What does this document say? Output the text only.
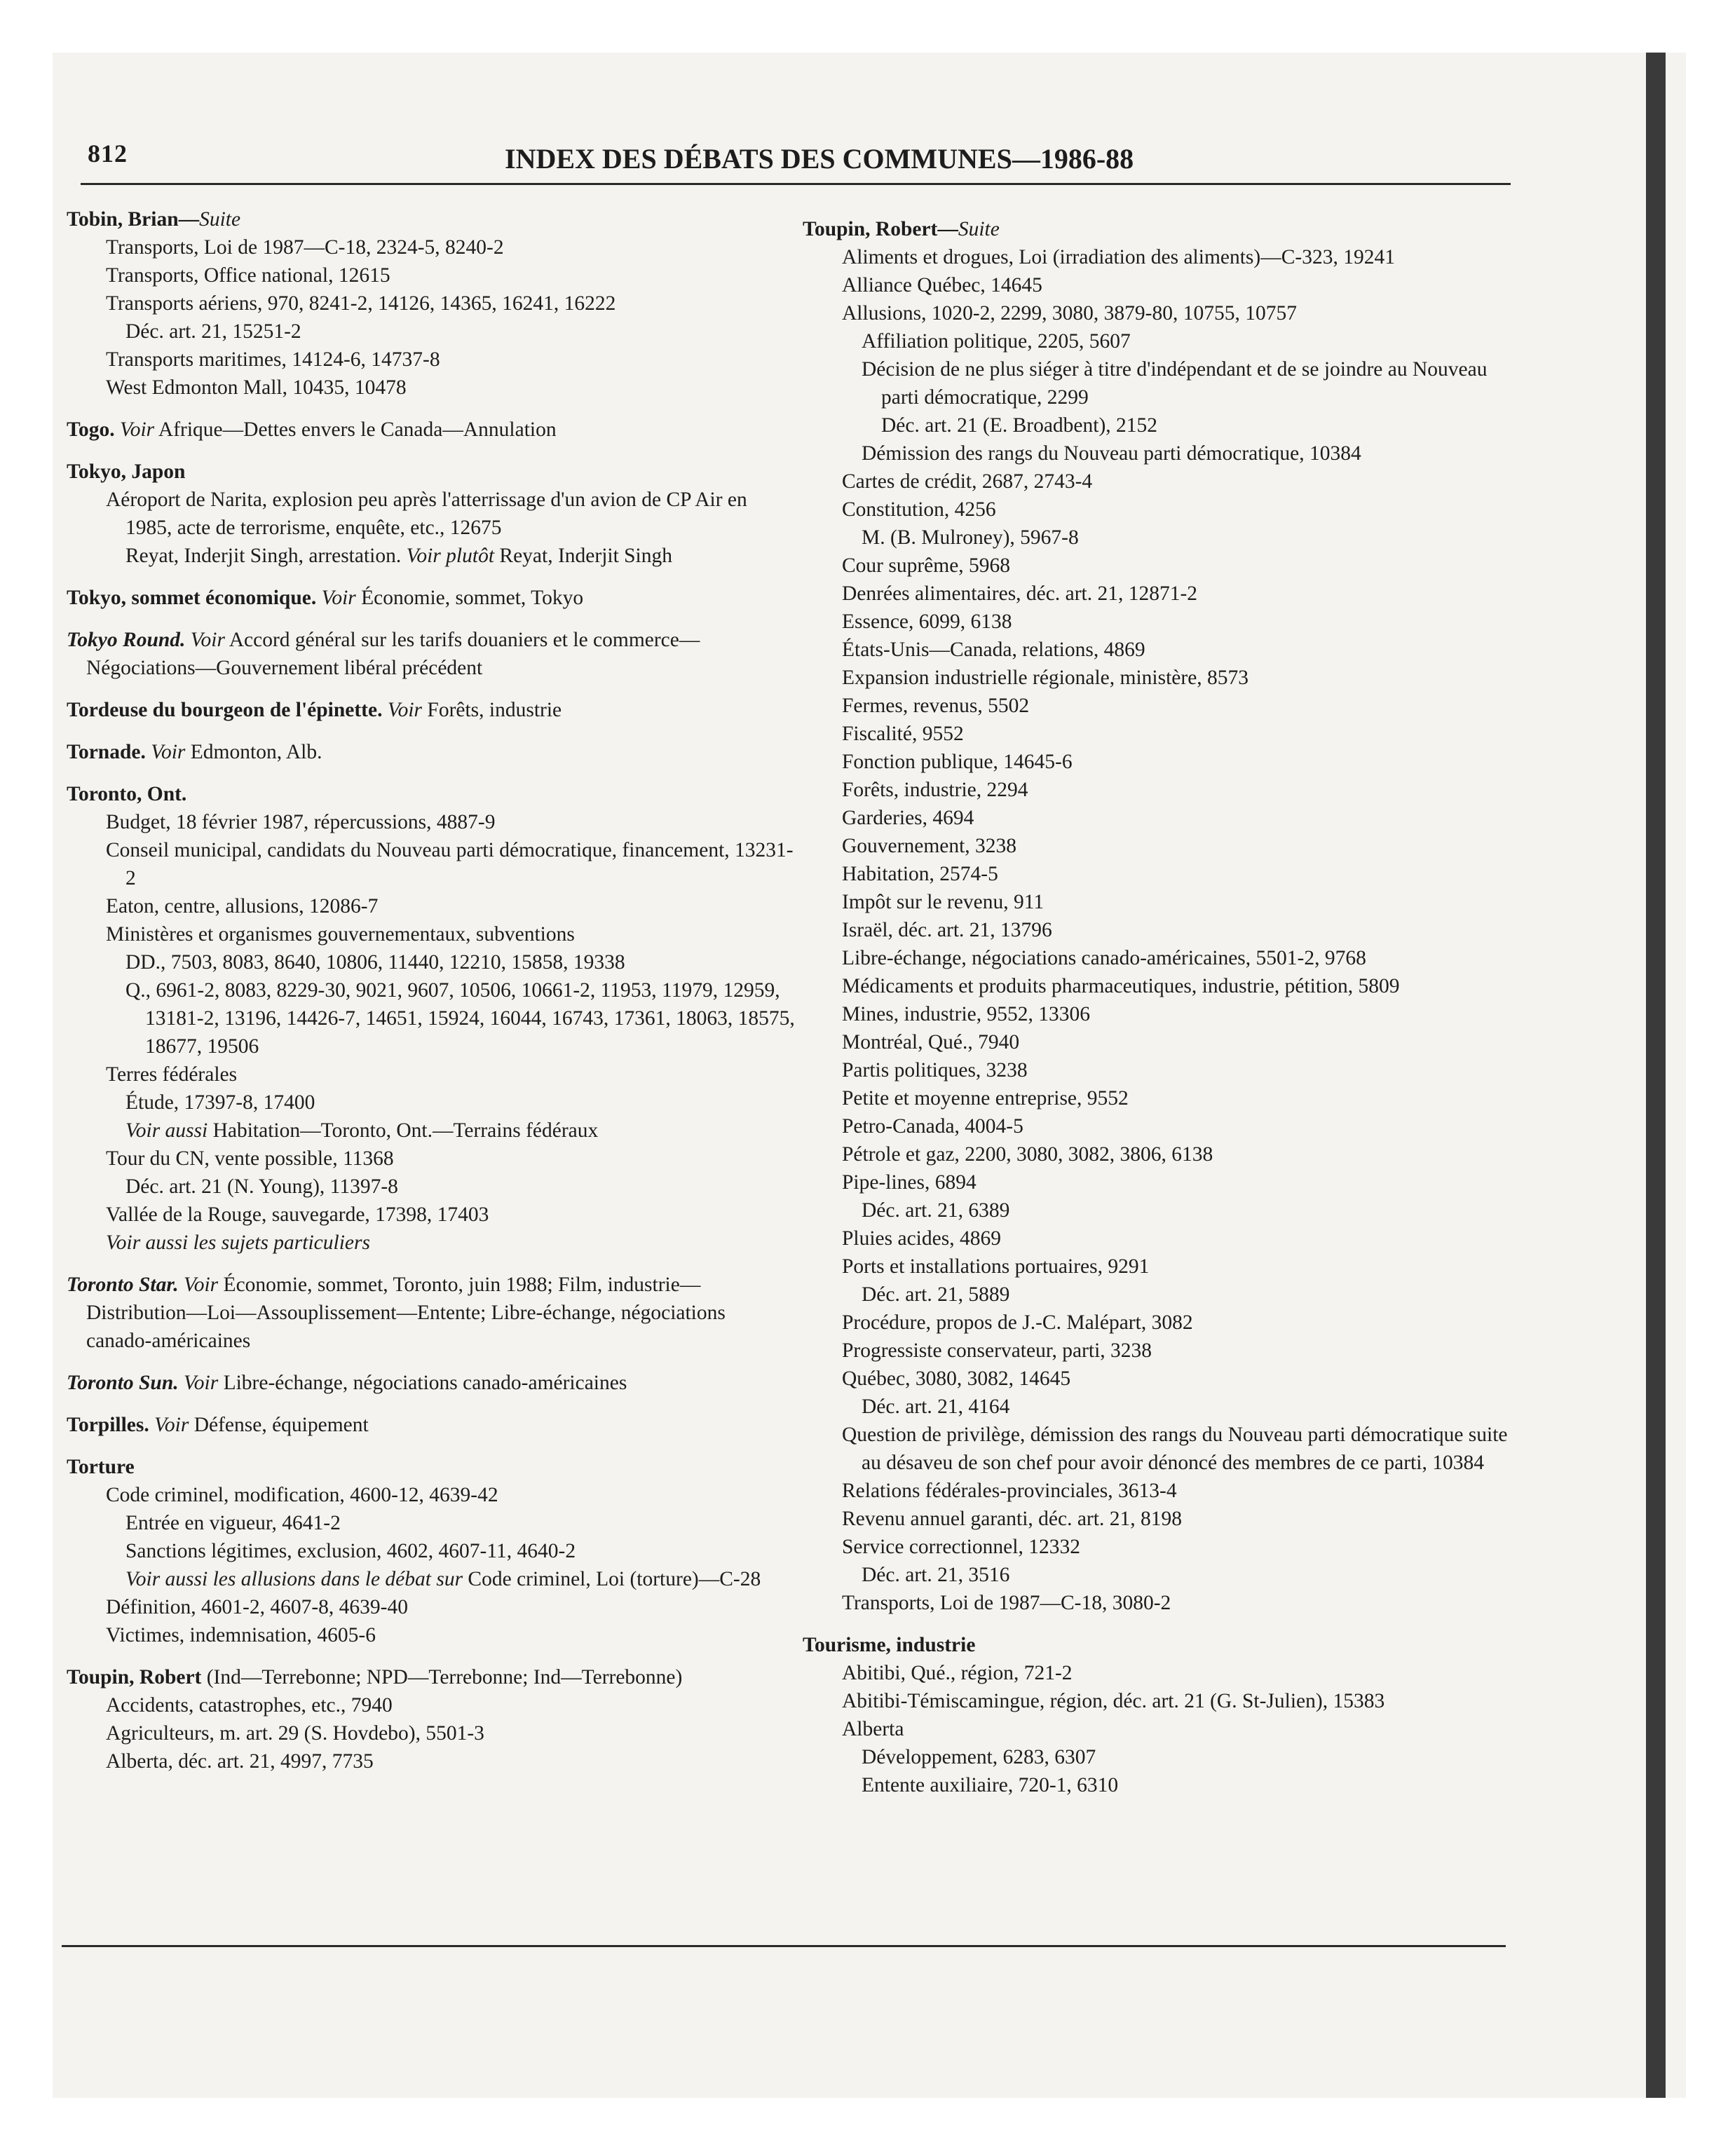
812	INDEX DES DÉBATS DES COMMUNES—1986-88
Tobin, Brian—Suite
Transports, Loi de 1987—C-18, 2324-5, 8240-2
Transports, Office national, 12615
Transports aériens, 970, 8241-2, 14126, 14365, 16241, 16222
Déc. art. 21, 15251-2
Transports maritimes, 14124-6, 14737-8
West Edmonton Mall, 10435, 10478
Togo. Voir Afrique—Dettes envers le Canada—Annulation
Tokyo, Japon
Aéroport de Narita, explosion peu après l'atterrissage d'un avion de CP Air en 1985, acte de terrorisme, enquête, etc., 12675
Reyat, Inderjit Singh, arrestation. Voir plutôt Reyat, Inderjit Singh
Tokyo, sommet économique. Voir Économie, sommet, Tokyo
Tokyo Round. Voir Accord général sur les tarifs douaniers et le commerce—Négociations—Gouvernement libéral précédent
Tordeuse du bourgeon de l'épinette. Voir Forêts, industrie
Tornade. Voir Edmonton, Alb.
Toronto, Ont.
Budget, 18 février 1987, répercussions, 4887-9
Conseil municipal, candidats du Nouveau parti démocratique, financement, 13231-2
Eaton, centre, allusions, 12086-7
Ministères et organismes gouvernementaux, subventions
DD., 7503, 8083, 8640, 10806, 11440, 12210, 15858, 19338
Q., 6961-2, 8083, 8229-30, 9021, 9607, 10506, 10661-2, 11953, 11979, 12959, 13181-2, 13196, 14426-7, 14651, 15924, 16044, 16743, 17361, 18063, 18575, 18677, 19506
Terres fédérales
Étude, 17397-8, 17400
Voir aussi Habitation—Toronto, Ont.—Terrains fédéraux
Tour du CN, vente possible, 11368
Déc. art. 21 (N. Young), 11397-8
Vallée de la Rouge, sauvegarde, 17398, 17403
Voir aussi les sujets particuliers
Toronto Star. Voir Économie, sommet, Toronto, juin 1988; Film, industrie—Distribution—Loi—Assouplissement—Entente; Libre-échange, négociations canado-américaines
Toronto Sun. Voir Libre-échange, négociations canado-américaines
Torpilles. Voir Défense, équipement
Torture
Code criminel, modification, 4600-12, 4639-42
Entrée en vigueur, 4641-2
Sanctions légitimes, exclusion, 4602, 4607-11, 4640-2
Voir aussi les allusions dans le débat sur Code criminel, Loi (torture)—C-28
Définition, 4601-2, 4607-8, 4639-40
Victimes, indemnisation, 4605-6
Toupin, Robert (Ind—Terrebonne; NPD—Terrebonne; Ind—Terrebonne)
Accidents, catastrophes, etc., 7940
Agriculteurs, m. art. 29 (S. Hovdebo), 5501-3
Alberta, déc. art. 21, 4997, 7735
Toupin, Robert—Suite
Aliments et drogues, Loi (irradiation des aliments)—C-323, 19241
Alliance Québec, 14645
Allusions, 1020-2, 2299, 3080, 3879-80, 10755, 10757
Affiliation politique, 2205, 5607
Décision de ne plus siéger à titre d'indépendant et de se joindre au Nouveau parti démocratique, 2299
Déc. art. 21 (E. Broadbent), 2152
Démission des rangs du Nouveau parti démocratique, 10384
Cartes de crédit, 2687, 2743-4
Constitution, 4256
M. (B. Mulroney), 5967-8
Cour suprême, 5968
Denrées alimentaires, déc. art. 21, 12871-2
Essence, 6099, 6138
États-Unis—Canada, relations, 4869
Expansion industrielle régionale, ministère, 8573
Fermes, revenus, 5502
Fiscalité, 9552
Fonction publique, 14645-6
Forêts, industrie, 2294
Garderies, 4694
Gouvernement, 3238
Habitation, 2574-5
Impôt sur le revenu, 911
Israël, déc. art. 21, 13796
Libre-échange, négociations canado-américaines, 5501-2, 9768
Médicaments et produits pharmaceutiques, industrie, pétition, 5809
Mines, industrie, 9552, 13306
Montréal, Qué., 7940
Partis politiques, 3238
Petite et moyenne entreprise, 9552
Petro-Canada, 4004-5
Pétrole et gaz, 2200, 3080, 3082, 3806, 6138
Pipe-lines, 6894
Déc. art. 21, 6389
Pluies acides, 4869
Ports et installations portuaires, 9291
Déc. art. 21, 5889
Procédure, propos de J.-C. Malépart, 3082
Progressiste conservateur, parti, 3238
Québec, 3080, 3082, 14645
Déc. art. 21, 4164
Question de privilège, démission des rangs du Nouveau parti démocratique suite au désaveu de son chef pour avoir dénoncé des membres de ce parti, 10384
Relations fédérales-provinciales, 3613-4
Revenu annuel garanti, déc. art. 21, 8198
Service correctionnel, 12332
Déc. art. 21, 3516
Transports, Loi de 1987—C-18, 3080-2
Tourisme, industrie
Abitibi, Qué., région, 721-2
Abitibi-Témiscamingue, région, déc. art. 21 (G. St-Julien), 15383
Alberta
Développement, 6283, 6307
Entente auxiliaire, 720-1, 6310
